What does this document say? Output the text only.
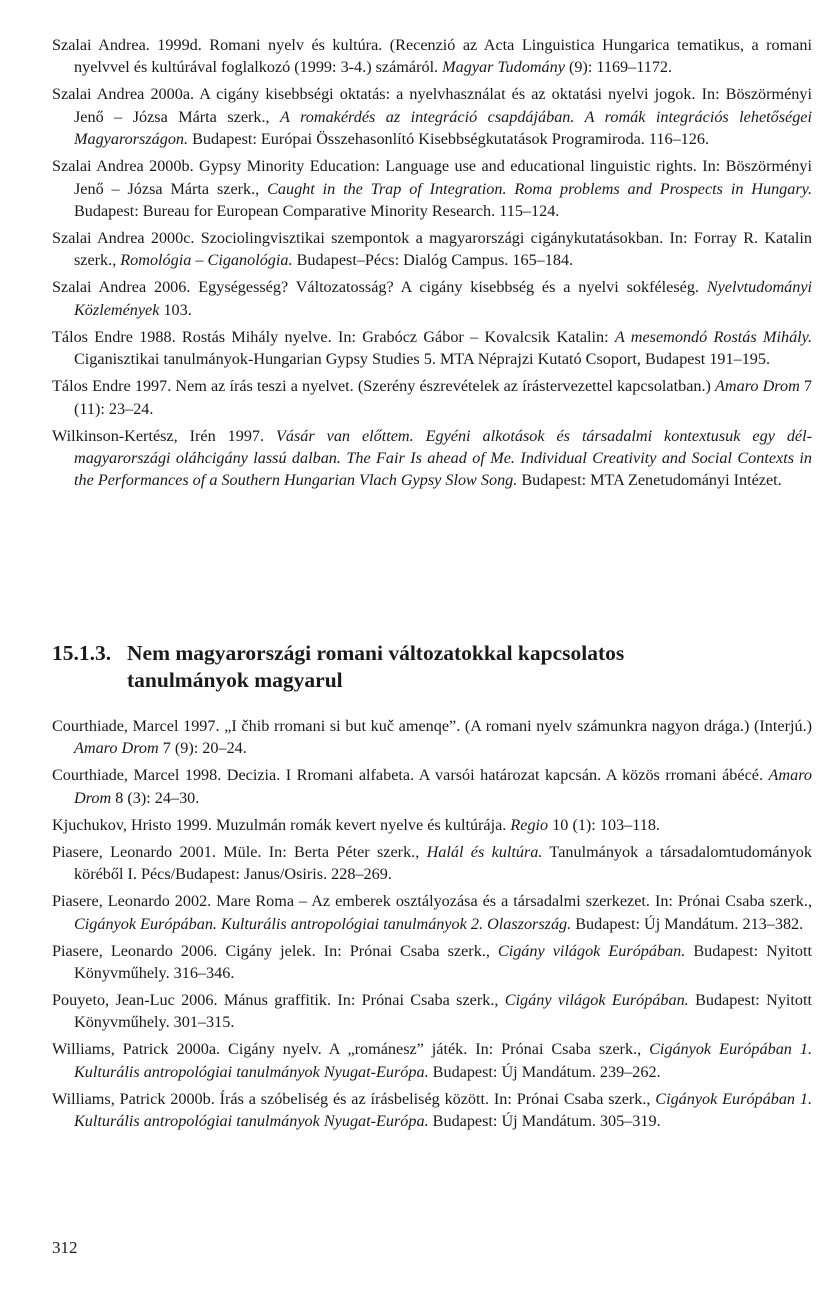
Szalai Andrea. 1999d. Romani nyelv és kultúra. (Recenzió az Acta Linguistica Hungarica tematikus, a romani nyelvvel és kultúrával foglalkozó (1999: 3-4.) számáról. Magyar Tudomány (9): 1169–1172.

Szalai Andrea 2000a. A cigány kisebbségi oktatás: a nyelvhasználat és az oktatási nyelvi jogok. In: Böszörményi Jenő – Józsa Márta szerk., A romakérdés az integráció csapdájában. A romák integrációs lehetőségei Magyarországon. Budapest: Európai Összehasonlító Kisebbségkutatások Programiroda. 116–126.

Szalai Andrea 2000b. Gypsy Minority Education: Language use and educational linguistic rights. In: Böszörményi Jenő – Józsa Márta szerk., Caught in the Trap of Integration. Roma problems and Prospects in Hungary. Budapest: Bureau for European Comparative Minority Research. 115–124.

Szalai Andrea 2000c. Szociolingvisztikai szempontok a magyarországi cigánykutatásokban. In: Forray R. Katalin szerk., Romológia – Ciganológia. Budapest–Pécs: Dialóg Campus. 165–184.

Szalai Andrea 2006. Egységesség? Változatosság? A cigány kisebbség és a nyelvi sokféleség. Nyelvtudományi Közlemények 103.

Tálos Endre 1988. Rostás Mihály nyelve. In: Grabócz Gábor – Kovalcsik Katalin: A mesemondó Rostás Mihály. Ciganisztikai tanulmányok-Hungarian Gypsy Studies 5. MTA Néprajzi Kutató Csoport, Budapest 191–195.

Tálos Endre 1997. Nem az írás teszi a nyelvet. (Szerény észrevételek az írástervezettel kapcsolatban.) Amaro Drom 7 (11): 23–24.

Wilkinson-Kertész, Irén 1997. Vásár van előttem. Egyéni alkotások és társadalmi kontextusuk egy dél-magyarországi oláhcigány lassú dalban. The Fair Is ahead of Me. Individual Creativity and Social Contexts in the Performances of a Southern Hungarian Vlach Gypsy Slow Song. Budapest: MTA Zenetudományi Intézet.

15.1.3. Nem magyarországi romani változatokkal kapcsolatos
tanulmányok magyarul

Courthiade, Marcel 1997. „I čhib rromani si but kuč amenqe”. (A romani nyelv számunkra nagyon drága.) (Interjú.) Amaro Drom 7 (9): 20–24.

Courthiade, Marcel 1998. Decizia. I Rromani alfabeta. A varsói határozat kapcsán. A közös rromani ábécé. Amaro Drom 8 (3): 24–30.

Kjuchukov, Hristo 1999. Muzulmán romák kevert nyelve és kultúrája. Regio 10 (1): 103–118.

Piasere, Leonardo 2001. Müle. In: Berta Péter szerk., Halál és kultúra. Tanulmányok a társadalomtudományok köréből I. Pécs/Budapest: Janus/Osiris. 228–269.

Piasere, Leonardo 2002. Mare Roma – Az emberek osztályozása és a társadalmi szerkezet. In: Prónai Csaba szerk., Cigányok Európában. Kulturális antropológiai tanulmányok 2. Olaszország. Budapest: Új Mandátum. 213–382.

Piasere, Leonardo 2006. Cigány jelek. In: Prónai Csaba szerk., Cigány világok Európában. Budapest: Nyitott Könyvműhely. 316–346.

Pouyeto, Jean-Luc 2006. Mánus graffitik. In: Prónai Csaba szerk., Cigány világok Európában. Budapest: Nyitott Könyvműhely. 301–315.

Williams, Patrick 2000a. Cigány nyelv. A „románesz” játék. In: Prónai Csaba szerk., Cigányok Európában 1. Kulturális antropológiai tanulmányok Nyugat-Európa. Budapest: Új Mandátum. 239–262.

Williams, Patrick 2000b. Írás a szóbeliség és az írásbeliség között. In: Prónai Csaba szerk., Cigányok Európában 1. Kulturális antropológiai tanulmányok Nyugat-Európa. Budapest: Új Mandátum. 305–319.

312
